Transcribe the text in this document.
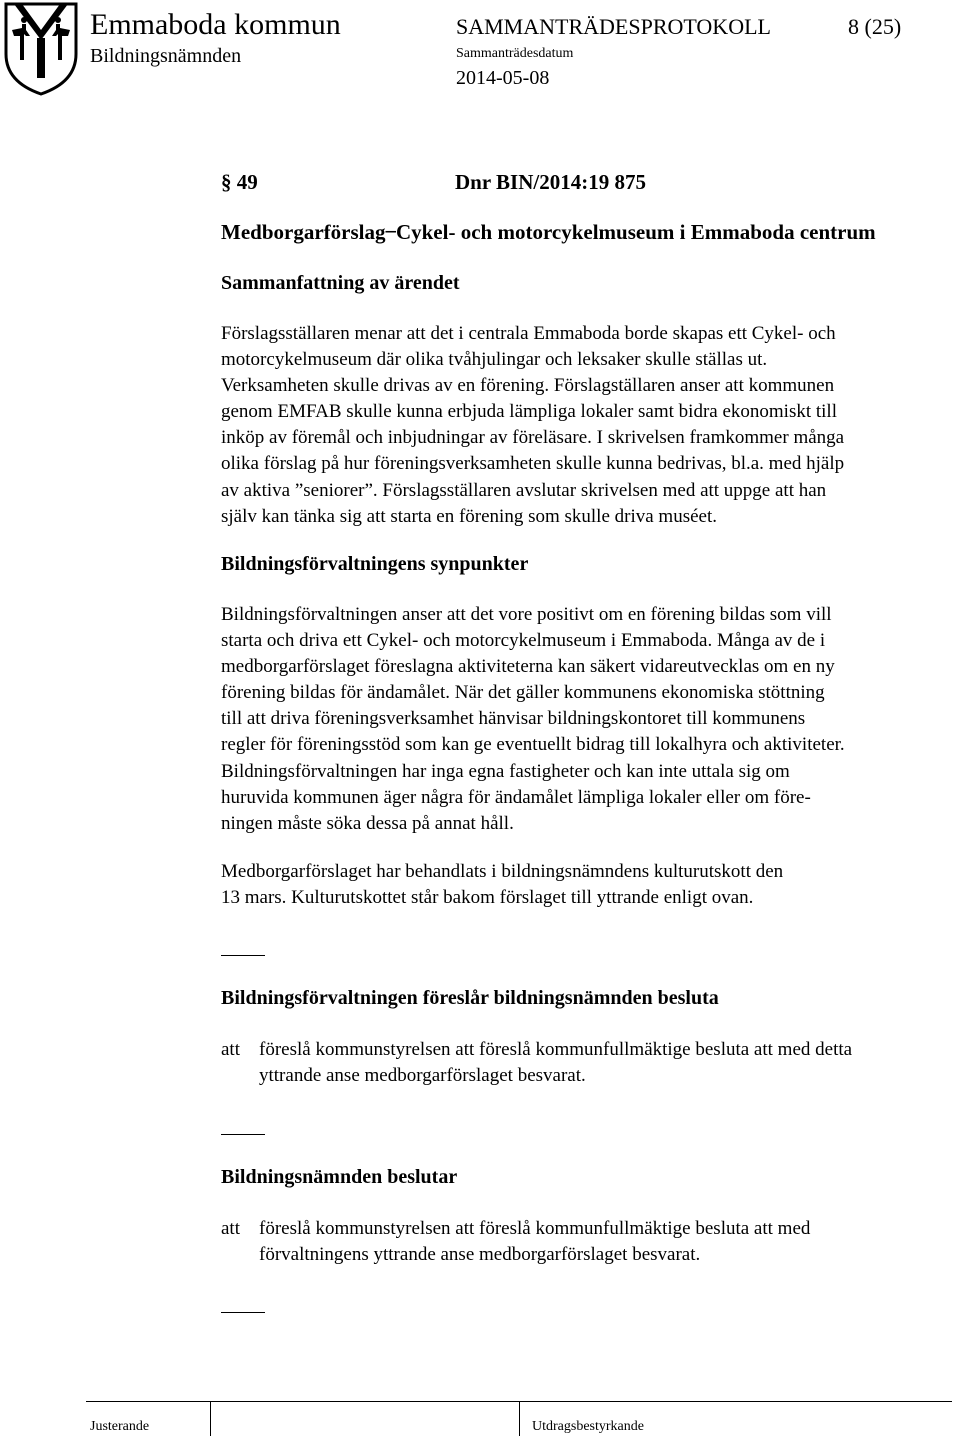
Emmaboda kommun
Bildningsnämnden
SAMMANTRÄDESPROTOKOLL	8 (25)
Sammanträdesdatum
2014-05-08
§ 49	Dnr BIN/2014:19 875
Medborgarförslag ̶ Cykel- och motorcykelmuseum i Emmaboda centrum
Sammanfattning av ärendet
Förslagsställaren menar att det i centrala Emmaboda borde skapas ett Cykel- och
motorcykelmuseum där olika tvåhjulingar och leksaker skulle ställas ut.
Verksamheten skulle drivas av en förening. Förslagställaren anser att kommunen
genom EMFAB skulle kunna erbjuda lämpliga lokaler samt bidra ekonomiskt till
inköp av föremål och inbjudningar av föreläsare. I skrivelsen framkommer många
olika förslag på hur föreningsverksamheten skulle kunna bedrivas, bl.a. med hjälp
av aktiva ”seniorer”. Förslagsställaren avslutar skrivelsen med att uppge att han
själv kan tänka sig att starta en förening som skulle driva muséet.
Bildningsförvaltningens synpunkter
Bildningsförvaltningen anser att det vore positivt om en förening bildas som vill
starta och driva ett Cykel- och motorcykelmuseum i Emmaboda. Många av de i
medborgarförslaget föreslagna aktiviteterna kan säkert vidareutvecklas om en ny
förening bildas för ändamålet. När det gäller kommunens ekonomiska stöttning
till att driva föreningsverksamhet hänvisar bildningskontoret till kommunens
regler för föreningsstöd som kan ge eventuellt bidrag till lokalhyra och aktiviteter.
Bildningsförvaltningen har inga egna fastigheter och kan inte uttala sig om
huruvida kommunen äger några för ändamålet lämpliga lokaler eller om före-
ningen måste söka dessa på annat håll.
Medborgarförslaget har behandlats i bildningsnämndens kulturutskott den
13 mars. Kulturutskottet står bakom förslaget till yttrande enligt ovan.
Bildningsförvaltningen föreslår bildningsnämnden besluta
att föreslå kommunstyrelsen att föreslå kommunfullmäktige besluta att med detta
yttrande anse medborgarförslaget besvarat.
Bildningsnämnden beslutar
att föreslå kommunstyrelsen att föreslå kommunfullmäktige besluta att med
förvaltningens yttrande anse medborgarförslaget besvarat.
Justerande	Utdragsbestyrkande
